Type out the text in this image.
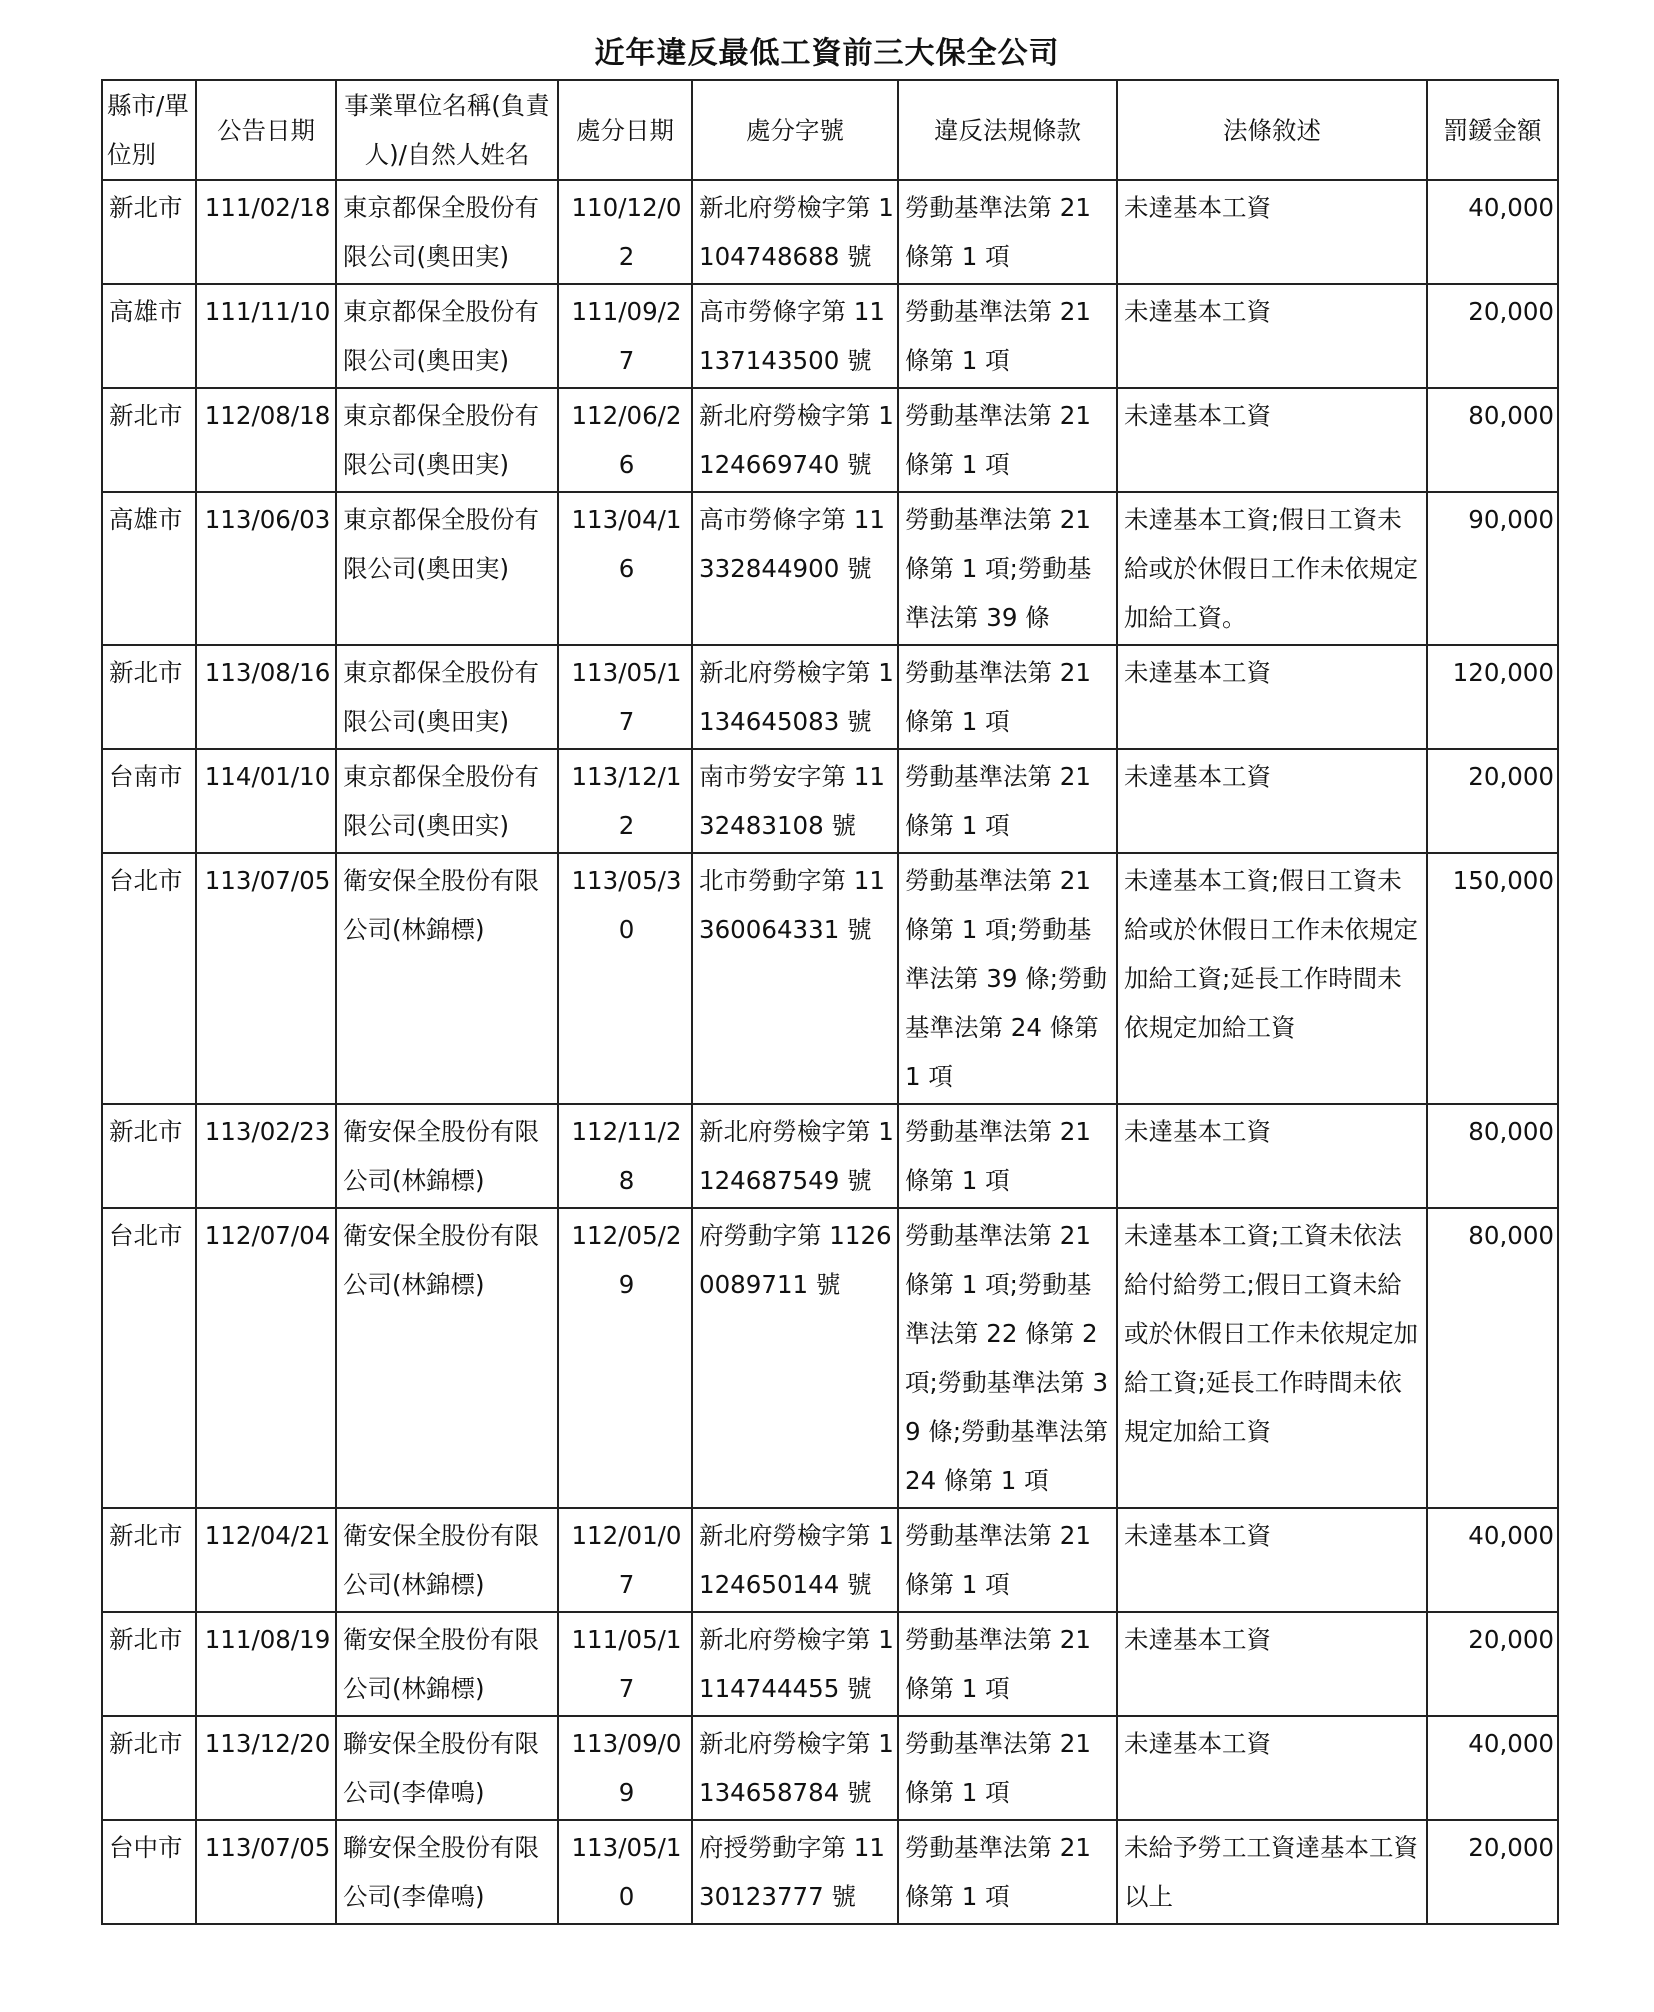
近年違反最低工資前三大保全公司
縣市/單位別	公告日期	事業單位名稱(負責人)/自然人姓名	處分日期	處分字號	違反法規條款	法條敘述	罰鍰金額
新北市	111/02/18	東京都保全股份有限公司(奧田実)	110/12/02	新北府勞檢字第 1104748688 號	勞動基準法第 21 條第 1 項	未達基本工資	40,000
高雄市	111/11/10	東京都保全股份有限公司(奧田実)	111/09/27	高市勞條字第 11137143500 號	勞動基準法第 21 條第 1 項	未達基本工資	20,000
新北市	112/08/18	東京都保全股份有限公司(奧田実)	112/06/26	新北府勞檢字第 1124669740 號	勞動基準法第 21 條第 1 項	未達基本工資	80,000
高雄市	113/06/03	東京都保全股份有限公司(奧田実)	113/04/16	高市勞條字第 11332844900 號	勞動基準法第 21 條第 1 項;勞動基準法第 39 條	未達基本工資;假日工資未給或於休假日工作未依規定加給工資。	90,000
新北市	113/08/16	東京都保全股份有限公司(奧田実)	113/05/17	新北府勞檢字第 1134645083 號	勞動基準法第 21 條第 1 項	未達基本工資	120,000
台南市	114/01/10	東京都保全股份有限公司(奧田实)	113/12/12	南市勞安字第 1132483108 號	勞動基準法第 21 條第 1 項	未達基本工資	20,000
台北市	113/07/05	衛安保全股份有限公司(林錦標)	113/05/30	北市勞動字第 11360064331 號	勞動基準法第 21 條第 1 項;勞動基準法第 39 條;勞動基準法第 24 條第 1 項	未達基本工資;假日工資未給或於休假日工作未依規定加給工資;延長工作時間未依規定加給工資	150,000
新北市	113/02/23	衛安保全股份有限公司(林錦標)	112/11/28	新北府勞檢字第 1124687549 號	勞動基準法第 21 條第 1 項	未達基本工資	80,000
台北市	112/07/04	衛安保全股份有限公司(林錦標)	112/05/29	府勞動字第 11260089711 號	勞動基準法第 21 條第 1 項;勞動基準法第 22 條第 2 項;勞動基準法第 39 條;勞動基準法第 24 條第 1 項	未達基本工資;工資未依法給付給勞工;假日工資未給或於休假日工作未依規定加給工資;延長工作時間未依規定加給工資	80,000
新北市	112/04/21	衛安保全股份有限公司(林錦標)	112/01/07	新北府勞檢字第 1124650144 號	勞動基準法第 21 條第 1 項	未達基本工資	40,000
新北市	111/08/19	衛安保全股份有限公司(林錦標)	111/05/17	新北府勞檢字第 1114744455 號	勞動基準法第 21 條第 1 項	未達基本工資	20,000
新北市	113/12/20	聯安保全股份有限公司(李偉鳴)	113/09/09	新北府勞檢字第 1134658784 號	勞動基準法第 21 條第 1 項	未達基本工資	40,000
台中市	113/07/05	聯安保全股份有限公司(李偉鳴)	113/05/10	府授勞動字第 1130123777 號	勞動基準法第 21 條第 1 項	未給予勞工工資達基本工資以上	20,000
